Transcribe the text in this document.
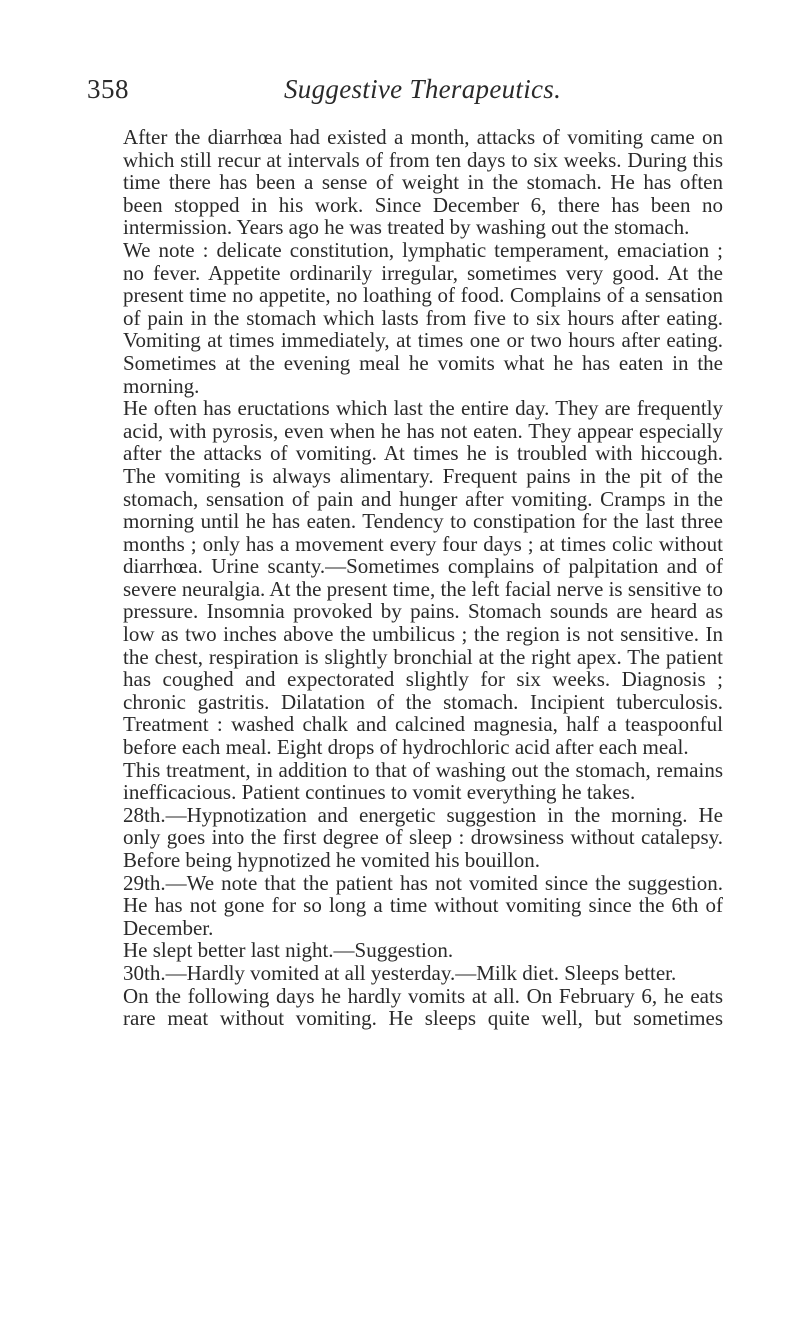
358	Suggestive Therapeutics.

After the diarrhœa had existed a month, attacks of vomiting came on which still recur at intervals of from ten days to six weeks. During this time there has been a sense of weight in the stomach. He has often been stopped in his work. Since December 6, there has been no intermission. Years ago he was treated by washing out the stomach.

We note : delicate constitution, lymphatic temperament, emaciation ; no fever. Appetite ordinarily irregular, sometimes very good. At the present time no appetite, no loathing of food. Complains of a sensation of pain in the stomach which lasts from five to six hours after eating. Vomiting at times immediately, at times one or two hours after eating. Sometimes at the evening meal he vomits what he has eaten in the morning.

He often has eructations which last the entire day. They are frequently acid, with pyrosis, even when he has not eaten. They appear especially after the attacks of vomiting. At times he is troubled with hiccough. The vomiting is always alimentary. Frequent pains in the pit of the stomach, sensation of pain and hunger after vomiting. Cramps in the morning until he has eaten. Tendency to constipation for the last three months ; only has a movement every four days ; at times colic without diarrhœa. Urine scanty.—Sometimes complains of palpitation and of severe neuralgia. At the present time, the left facial nerve is sensitive to pressure. Insomnia provoked by pains. Stomach sounds are heard as low as two inches above the umbilicus ; the region is not sensitive. In the chest, respiration is slightly bronchial at the right apex. The patient has coughed and expectorated slightly for six weeks. Diagnosis ; chronic gastritis. Dilatation of the stomach. Incipient tuberculosis. Treatment : washed chalk and calcined magnesia, half a teaspoonful before each meal. Eight drops of hydrochloric acid after each meal.

This treatment, in addition to that of washing out the stomach, remains inefficacious. Patient continues to vomit everything he takes.

28th.—Hypnotization and energetic suggestion in the morning. He only goes into the first degree of sleep : drowsiness without catalepsy. Before being hypnotized he vomited his bouillon.

29th.—We note that the patient has not vomited since the suggestion. He has not gone for so long a time without vomiting since the 6th of December.

He slept better last night.—Suggestion.

30th.—Hardly vomited at all yesterday.—Milk diet. Sleeps better.

On the following days he hardly vomits at all. On February 6, he eats rare meat without vomiting. He sleeps quite well, but sometimes
